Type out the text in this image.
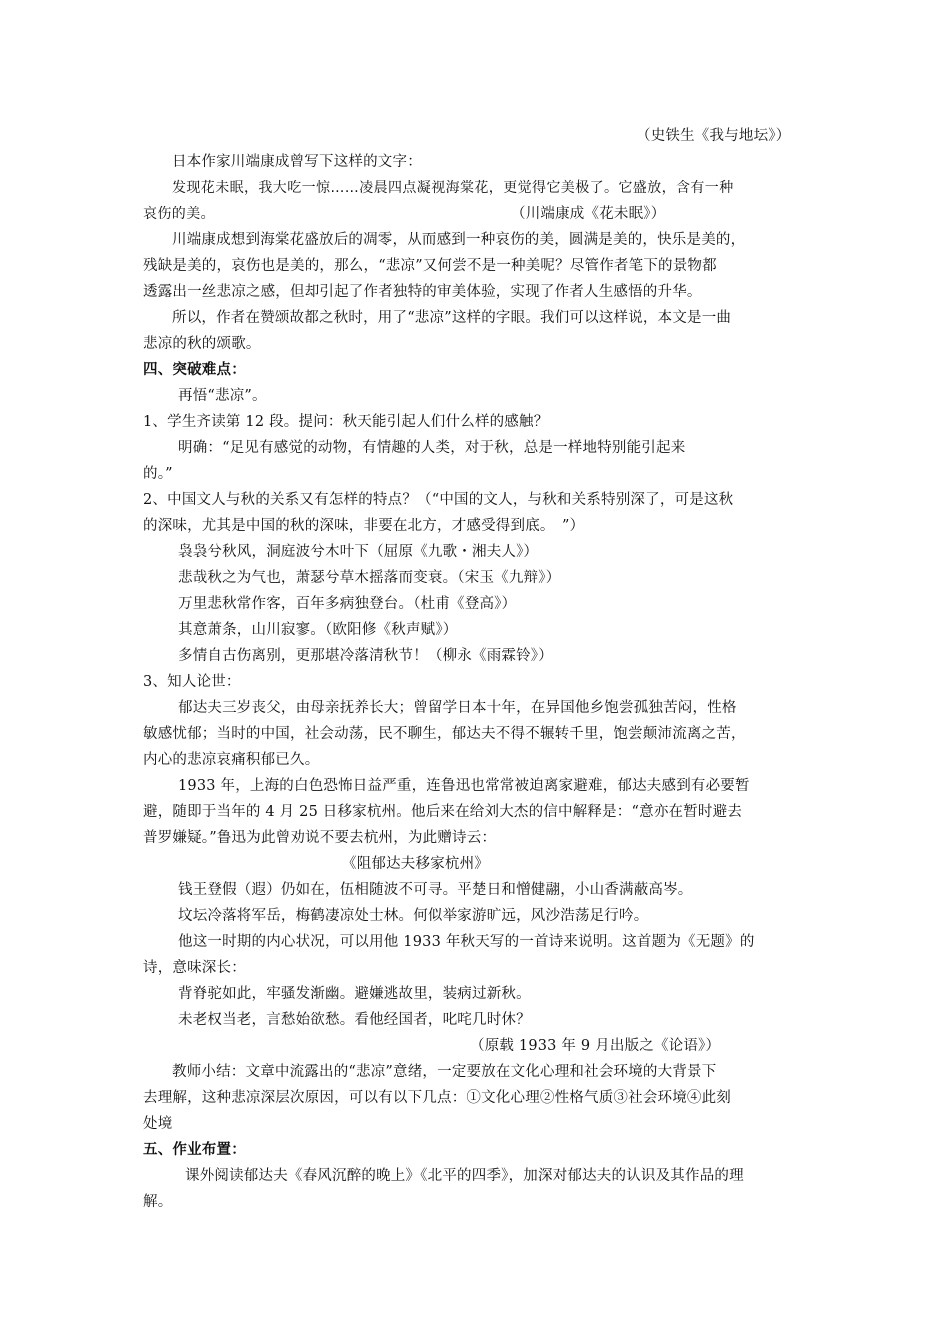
（史铁生《我与地坛》）
日本作家川端康成曾写下这样的文字：
发现花未眠，我大吃一惊……凌晨四点凝视海棠花，更觉得它美极了。它盛放，含有一种
哀伤的美。	（川端康成《花未眠》）
川端康成想到海棠花盛放后的凋零，从而感到一种哀伤的美，圆满是美的，快乐是美的，
残缺是美的，哀伤也是美的，那么，“悲凉”又何尝不是一种美呢？尽管作者笔下的景物都
透露出一丝悲凉之感，但却引起了作者独特的审美体验，实现了作者人生感悟的升华。
所以，作者在赞颂故都之秋时，用了“悲凉”这样的字眼。我们可以这样说，本文是一曲
悲凉的秋的颂歌。
四、突破难点：
再悟“悲凉”。
1、学生齐读第 12 段。提问：秋天能引起人们什么样的感触？
明确：“足见有感觉的动物，有情趣的人类，对于秋，总是一样地特别能引起来
的。”
2、中国文人与秋的关系又有怎样的特点？（“中国的文人，与秋和关系特别深了，可是这秋
的深味，尤其是中国的秋的深味，非要在北方，才感受得到底。　”）
袅袅兮秋风，洞庭波兮木叶下（屈原《九歌・湘夫人》）
悲哉秋之为气也，萧瑟兮草木摇落而变衰。（宋玉《九辩》）
万里悲秋常作客，百年多病独登台。（杜甫《登高》）
其意萧条，山川寂寥。（欧阳修《秋声赋》）
多情自古伤离别，更那堪冷落清秋节！（柳永《雨霖铃》）
3、知人论世：
郁达夫三岁丧父，由母亲抚养长大；曾留学日本十年，在异国他乡饱尝孤独苦闷，性格
敏感忧郁；当时的中国，社会动荡，民不聊生，郁达夫不得不辗转千里，饱尝颠沛流离之苦，
内心的悲凉哀痛积郁已久。
1933 年，上海的白色恐怖日益严重，连鲁迅也常常被迫离家避难，郁达夫感到有必要暂
避，随即于当年的 4 月 25 日移家杭州。他后来在给刘大杰的信中解释是：“意亦在暂时避去
普罗嫌疑。”鲁迅为此曾劝说不要去杭州，为此赠诗云：
《阻郁达夫移家杭州》
钱王登假（遐）仍如在，伍相随波不可寻。平楚日和憎健翮，小山香满蔽高岑。
坟坛冷落将军岳，梅鹤凄凉处士林。何似举家游旷远，风沙浩荡足行吟。
他这一时期的内心状况，可以用他 1933 年秋天写的一首诗来说明。这首题为《无题》的
诗，意味深长：
背脊驼如此，牢骚发渐幽。避嫌逃故里，装病过新秋。
未老权当老，言愁始欲愁。看他经国者，叱咤几时休？
（原载 1933 年 9 月出版之《论语》）
教师小结：文章中流露出的“悲凉”意绪，一定要放在文化心理和社会环境的大背景下
去理解，这种悲凉深层次原因，可以有以下几点：①文化心理②性格气质③社会环境④此刻
处境
五、作业布置：
课外阅读郁达夫《春风沉醉的晚上》《北平的四季》，加深对郁达夫的认识及其作品的理
解。
